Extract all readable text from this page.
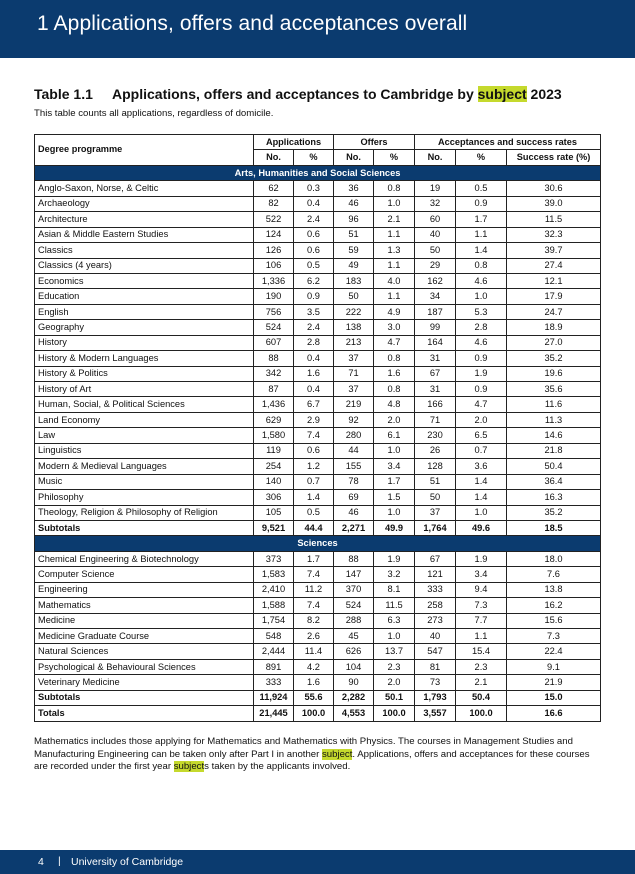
1 Applications, offers and acceptances overall
Table 1.1 Applications, offers and acceptances to Cambridge by subject 2023
This table counts all applications, regardless of domicile.
Degree programme	Applications		Offers		Acceptances and success rates		
	No.	%	No.	%	No.	%	Success rate (%)
Arts, Humanities and Social Sciences							
Anglo-Saxon, Norse, & Celtic	62	0.3	36	0.8	19	0.5	30.6
Archaeology	82	0.4	46	1.0	32	0.9	39.0
Architecture	522	2.4	96	2.1	60	1.7	11.5
Asian & Middle Eastern Studies	124	0.6	51	1.1	40	1.1	32.3
Classics	126	0.6	59	1.3	50	1.4	39.7
Classics (4 years)	106	0.5	49	1.1	29	0.8	27.4
Economics	1,336	6.2	183	4.0	162	4.6	12.1
Education	190	0.9	50	1.1	34	1.0	17.9
English	756	3.5	222	4.9	187	5.3	24.7
Geography	524	2.4	138	3.0	99	2.8	18.9
History	607	2.8	213	4.7	164	4.6	27.0
History & Modern Languages	88	0.4	37	0.8	31	0.9	35.2
History & Politics	342	1.6	71	1.6	67	1.9	19.6
History of Art	87	0.4	37	0.8	31	0.9	35.6
Human, Social, & Political Sciences	1,436	6.7	219	4.8	166	4.7	11.6
Land Economy	629	2.9	92	2.0	71	2.0	11.3
Law	1,580	7.4	280	6.1	230	6.5	14.6
Linguistics	119	0.6	44	1.0	26	0.7	21.8
Modern & Medieval Languages	254	1.2	155	3.4	128	3.6	50.4
Music	140	0.7	78	1.7	51	1.4	36.4
Philosophy	306	1.4	69	1.5	50	1.4	16.3
Theology, Religion & Philosophy of Religion	105	0.5	46	1.0	37	1.0	35.2
Subtotals	9,521	44.4	2,271	49.9	1,764	49.6	18.5
Sciences							
Chemical Engineering & Biotechnology	373	1.7	88	1.9	67	1.9	18.0
Computer Science	1,583	7.4	147	3.2	121	3.4	7.6
Engineering	2,410	11.2	370	8.1	333	9.4	13.8
Mathematics	1,588	7.4	524	11.5	258	7.3	16.2
Medicine	1,754	8.2	288	6.3	273	7.7	15.6
Medicine Graduate Course	548	2.6	45	1.0	40	1.1	7.3
Natural Sciences	2,444	11.4	626	13.7	547	15.4	22.4
Psychological & Behavioural Sciences	891	4.2	104	2.3	81	2.3	9.1
Veterinary Medicine	333	1.6	90	2.0	73	2.1	21.9
Subtotals	11,924	55.6	2,282	50.1	1,793	50.4	15.0
Totals	21,445	100.0	4,553	100.0	3,557	100.0	16.6
Mathematics includes those applying for Mathematics and Mathematics with Physics. The courses in Management Studies and Manufacturing Engineering can be taken only after Part I in another subject. Applications, offers and acceptances for these courses are recorded under the first year subjects taken by the applicants involved.
4 | University of Cambridge
